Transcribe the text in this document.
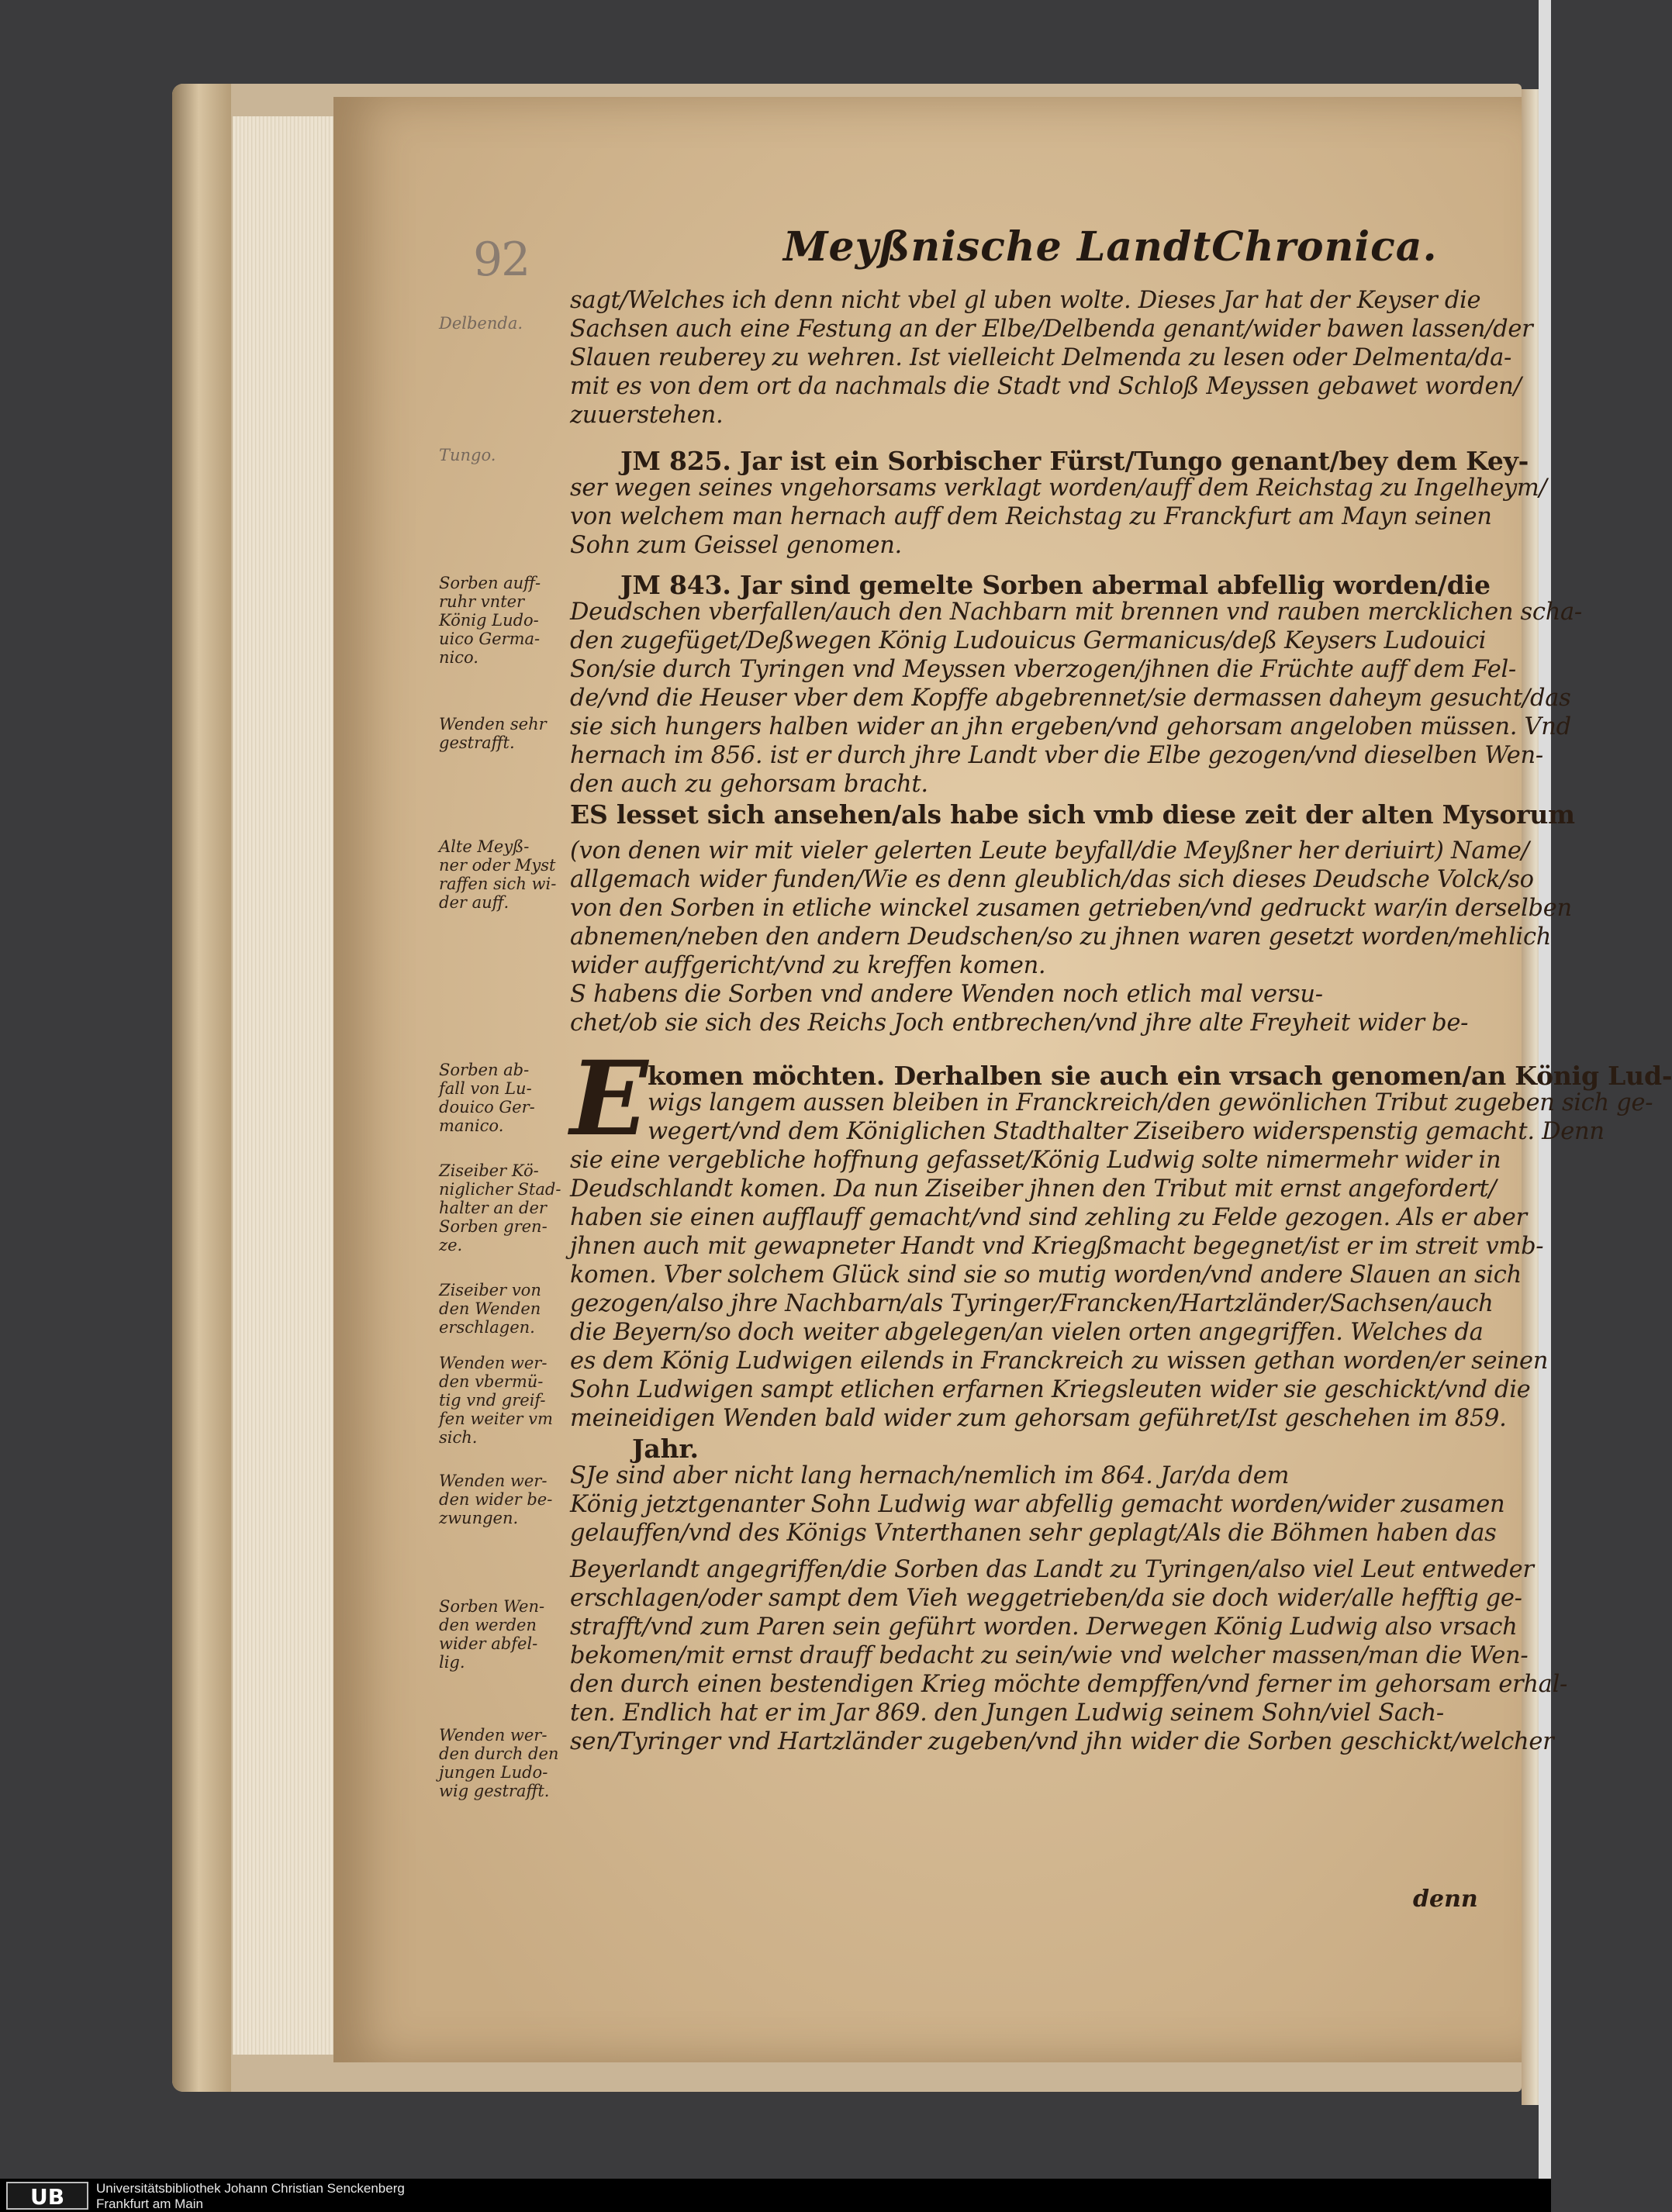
92	Meyßnische LandtChronica.
sagt/Welches ich denn nicht vbel gl uben wolte. Dieses Jar hat der Keyser die
Sachsen auch eine Festung an der Elbe/Delbenda genant/wider bawen lassen/der
Slauen reuberey zu wehren. Ist vielleicht Delmenda zu lesen oder Delmenta/da-
mit es von dem ort da nachmals die Stadt vnd Schloß Meyssen gebawet worden/
zuuerstehen.
JM 825. Jar ist ein Sorbischer Fürst/Tungo genant/bey dem Key-
ser wegen seines vngehorsams verklagt worden/auff dem Reichstag zu Ingelheym/
von welchem man hernach auff dem Reichstag zu Franckfurt am Mayn seinen
Sohn zum Geissel genomen.
JM 843. Jar sind gemelte Sorben abermal abfellig worden/die
Deudschen vberfallen/auch den Nachbarn mit brennen vnd rauben mercklichen scha-
den zugefüget/Deßwegen König Ludouicus Germanicus/deß Keysers Ludouici
Son/sie durch Tyringen vnd Meyssen vberzogen/jhnen die Früchte auff dem Fel-
de/vnd die Heuser vber dem Kopffe abgebrennet/sie dermassen daheym gesucht/das
sie sich hungers halben wider an jhn ergeben/vnd gehorsam angeloben müssen. Vnd
hernach im 856. ist er durch jhre Landt vber die Elbe gezogen/vnd dieselben Wen-
den auch zu gehorsam bracht.
ES lesset sich ansehen/als habe sich vmb diese zeit der alten Mysorum
(von denen wir mit vieler gelerten Leute beyfall/die Meyßner her deriuirt) Name/
allgemach wider funden/Wie es denn gleublich/das sich dieses Deudsche Volck/so
von den Sorben in etliche winckel zusamen getrieben/vnd gedruckt war/in derselben
abnemen/neben den andern Deudschen/so zu jhnen waren gesetzt worden/mehlich
wider auffgericht/vnd zu kreffen komen.
S habens die Sorben vnd andere Wenden noch etlich mal versu-
chet/ob sie sich des Reichs Joch entbrechen/vnd jhre alte Freyheit wider be-
komen möchten. Derhalben sie auch ein vrsach genomen/an König Lud-
wigs langem aussen bleiben in Franckreich/den gewönlichen Tribut zugeben sich ge-
wegert/vnd dem Königlichen Stadthalter Ziseibero widerspenstig gemacht. Denn
sie eine vergebliche hoffnung gefasset/König Ludwig solte nimermehr wider in
Deudschlandt komen. Da nun Ziseiber jhnen den Tribut mit ernst angefordert/
haben sie einen aufflauff gemacht/vnd sind zehling zu Felde gezogen. Als er aber
jhnen auch mit gewapneter Handt vnd Kriegßmacht begegnet/ist er im streit vmb-
komen. Vber solchem Glück sind sie so mutig worden/vnd andere Slauen an sich
gezogen/also jhre Nachbarn/als Tyringer/Francken/Hartzländer/Sachsen/auch
die Beyern/so doch weiter abgelegen/an vielen orten angegriffen. Welches da
es dem König Ludwigen eilends in Franckreich zu wissen gethan worden/er seinen
Sohn Ludwigen sampt etlichen erfarnen Kriegsleuten wider sie geschickt/vnd die
meineidigen Wenden bald wider zum gehorsam geführet/Ist geschehen im 859.
Jahr.
SJe sind aber nicht lang hernach/nemlich im 864. Jar/da dem
König jetztgenanter Sohn Ludwig war abfellig gemacht worden/wider zusamen
gelauffen/vnd des Königs Vnterthanen sehr geplagt/Als die Böhmen haben das
Beyerlandt angegriffen/die Sorben das Landt zu Tyringen/also viel Leut entweder
erschlagen/oder sampt dem Vieh weggetrieben/da sie doch wider/alle hefftig ge-
strafft/vnd zum Paren sein geführt worden. Derwegen König Ludwig also vrsach
bekomen/mit ernst drauff bedacht zu sein/wie vnd welcher massen/man die Wen-
den durch einen bestendigen Krieg möchte dempffen/vnd ferner im gehorsam erhal-
ten. Endlich hat er im Jar 869. den Jungen Ludwig seinem Sohn/viel Sach-
sen/Tyringer vnd Hartzländer zugeben/vnd jhn wider die Sorben geschickt/welcher
Delbenda.
Tungo.
Sorben auff-
ruhr vnter
König Ludo-
uico Germa-
nico.
Wenden sehr
gestrafft.
Alte Meyß-
ner oder Myst
raffen sich wi-
der auff.
Sorben ab-
fall von Lu-
douico Ger-
manico.
Ziseiber Kö-
niglicher Stad-
halter an der
Sorben gren-
ze.
Ziseiber von
den Wenden
erschlagen.
Wenden wer-
den vbermü-
tig vnd greif-
fen weiter vm
sich.
Wenden wer-
den wider be-
zwungen.
Sorben Wen-
den werden
wider abfel-
lig.
Wenden wer-
den durch den
jungen Ludo-
wig gestrafft.
E
denn
UB	Universitätsbibliothek Johann Christian Senckenberg
Frankfurt am Main
